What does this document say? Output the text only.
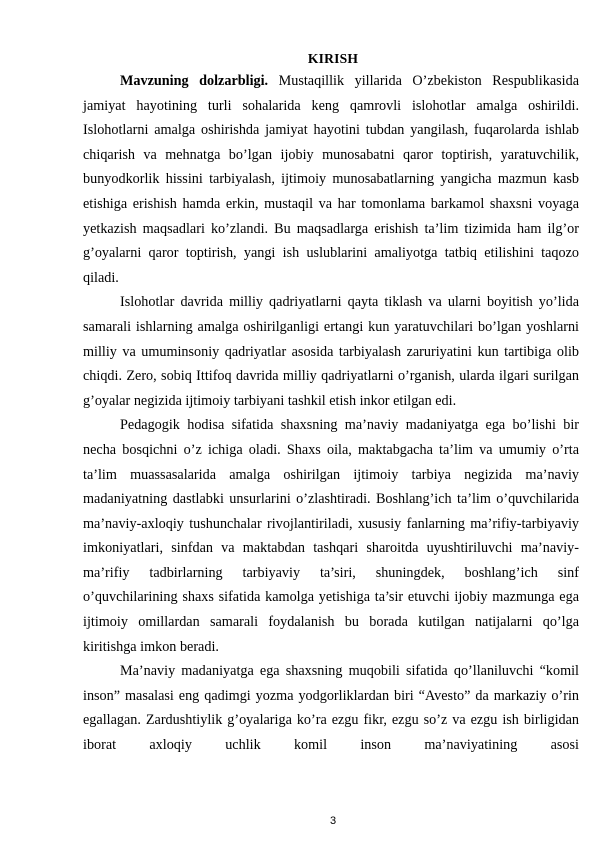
KIRISH

Mavzuning dolzarbligi. Mustaqillik yillarida O’zbekiston Respublikasida jamiyat hayotining turli sohalarida keng qamrovli islohotlar amalga oshirildi. Islohotlarni amalga oshirishda jamiyat hayotini tubdan yangilash, fuqarolarda ishlab chiqarish va mehnatga bo’lgan ijobiy munosabatni qaror toptirish, yaratuvchilik, bunyodkorlik hissini tarbiyalash, ijtimoiy munosabatlarning yangicha mazmun kasb etishiga erishish hamda erkin, mustaqil va har tomonlama barkamol shaxsni voyaga yetkazish maqsadlari ko’zlandi. Bu maqsadlarga erishish ta’lim tizimida ham ilg’or g’oyalarni qaror toptirish, yangi ish uslublarini amaliyotga tatbiq etilishini taqozo qiladi.

Islohotlar davrida milliy qadriyatlarni qayta tiklash va ularni boyitish yo’lida samarali ishlarning amalga oshirilganligi ertangi kun yaratuvchilari bo’lgan yoshlarni milliy va umuminsoniy qadriyatlar asosida tarbiyalash zaruriyatini kun tartibiga olib chiqdi. Zero, sobiq Ittifoq davrida milliy qadriyatlarni o’rganish, ularda ilgari surilgan g’oyalar negizida ijtimoiy tarbiyani tashkil etish inkor etilgan edi.

Pedagogik hodisa sifatida shaxsning ma’naviy madaniyatga ega bo’lishi bir necha bosqichni o’z ichiga oladi. Shaxs oila, maktabgacha ta’lim va umumiy o’rta ta’lim muassasalarida amalga oshirilgan ijtimoiy tarbiya negizida ma’naviy madaniyatning dastlabki unsurlarini o’zlashtiradi. Boshlang’ich ta’lim o’quvchilarida ma’naviy-axloqiy tushunchalar rivojlantiriladi, xususiy fanlarning ma’rifiy-tarbiyaviy imkoniyatlari, sinfdan va maktabdan tashqari sharoitda uyushtiriluvchi ma’naviy-ma’rifiy tadbirlarning tarbiyaviy ta’siri, shuningdek, boshlang’ich sinf o’quvchilarining shaxs sifatida kamolga yetishiga ta’sir etuvchi ijobiy mazmunga ega ijtimoiy omillardan samarali foydalanish bu borada kutilgan natijalarni qo’lga kiritishga imkon beradi.

Ma’naviy madaniyatga ega shaxsning muqobili sifatida qo’llaniluvchi “komil inson” masalasi eng qadimgi yozma yodgorliklardan biri “Avesto” da markaziy o’rin egallagan. Zardushtiylik g’oyalariga ko’ra ezgu fikr, ezgu so’z va ezgu ish birligidan iborat axloqiy uchlik komil inson ma’naviyatining asosi

3
